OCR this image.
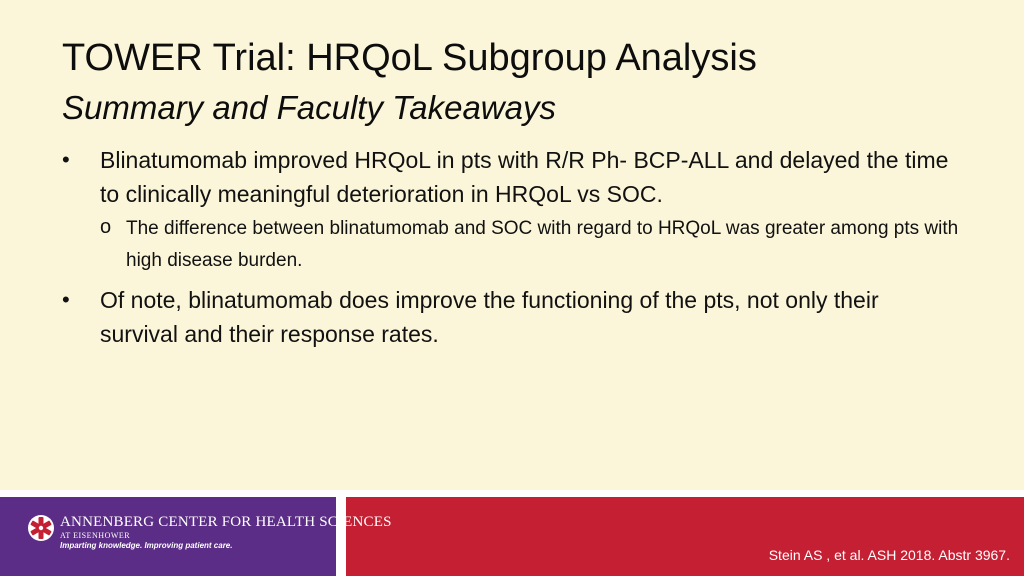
TOWER Trial: HRQoL Subgroup Analysis
Summary and Faculty Takeaways
• Blinatumomab improved HRQoL in pts with R/R Ph- BCP-ALL and delayed the time to clinically meaningful deterioration in HRQoL vs SOC.
o The difference between blinatumomab and SOC with regard to HRQoL was greater among pts with high disease burden.
• Of note, blinatumomab does improve the functioning of the pts, not only their survival and their response rates.
ANNENBERG CENTER FOR HEALTH SCIENCES
AT EISENHOWER
Imparting knowledge. Improving patient care.
Stein AS , et al. ASH 2018. Abstr 3967.
